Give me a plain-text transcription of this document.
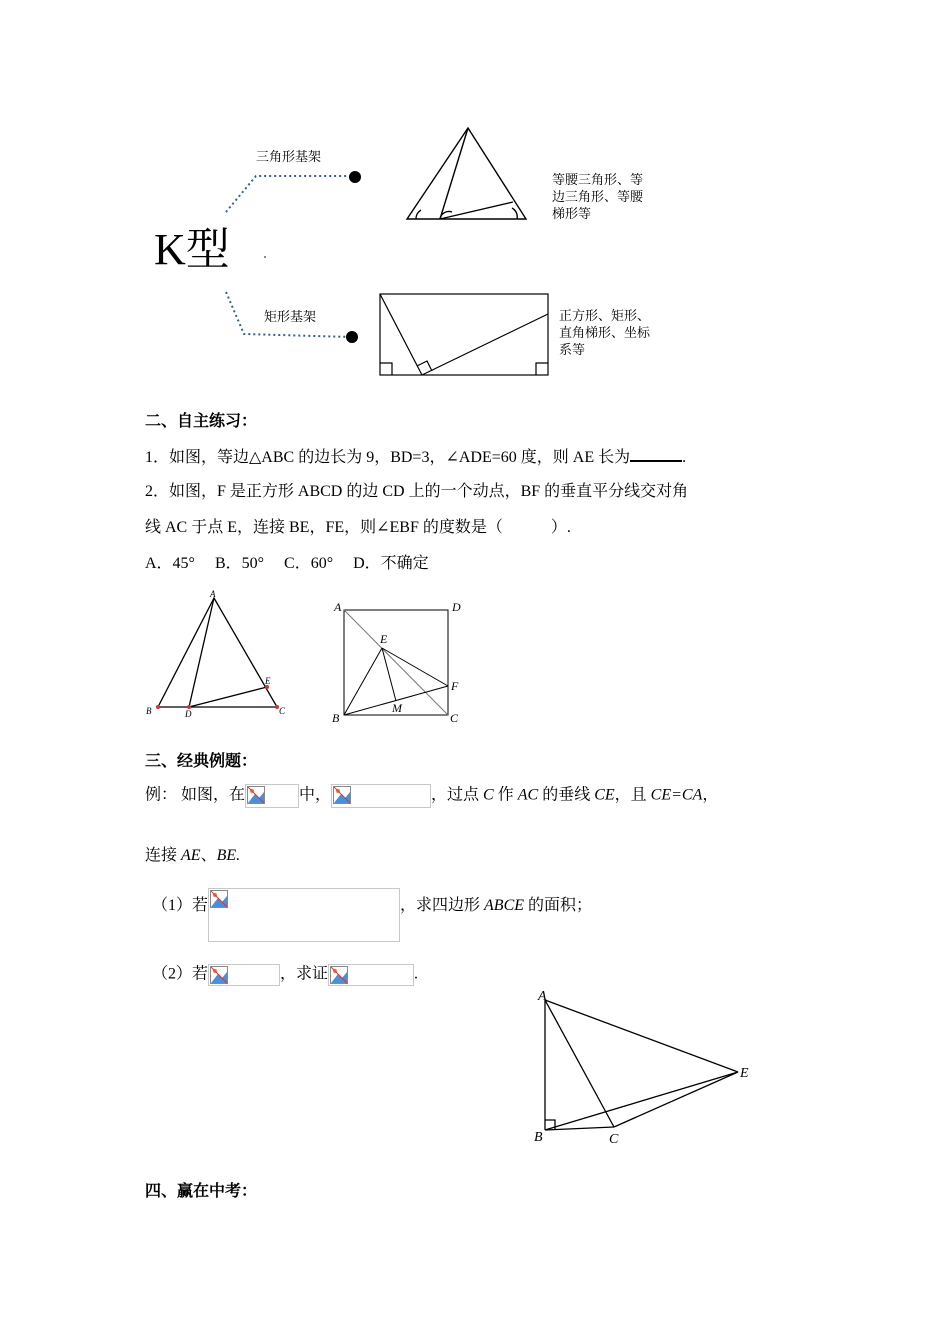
三角形基架
矩形基架
K型
等腰三角形、等
边三角形、等腰
梯形等
正方形、矩形、
直角梯形、坐标
系等
二、自主练习：
1．如图，等边△ABC 的边长为 9，BD=3，∠ADE=60 度，则 AE 长为	.
2．如图，F 是正方形 ABCD 的边 CD 上的一个动点，BF 的垂直平分线交对角
线 AC 于点 E，连接 BE，FE，则∠EBF 的度数是（　　　）.
A．45°　 B．50°　 C．60°　 D．不确定
A
B	D	C
E
A	D
E
F
M
B	C
三、经典例题：
例： 如图，在	中，	，过点 C 作 AC 的垂线 CE，且 CE=CA，
连接 AE、BE.
（1）若	，求四边形 ABCE 的面积；
（2）若	，求证	.
A
B	C
E
四、赢在中考：
